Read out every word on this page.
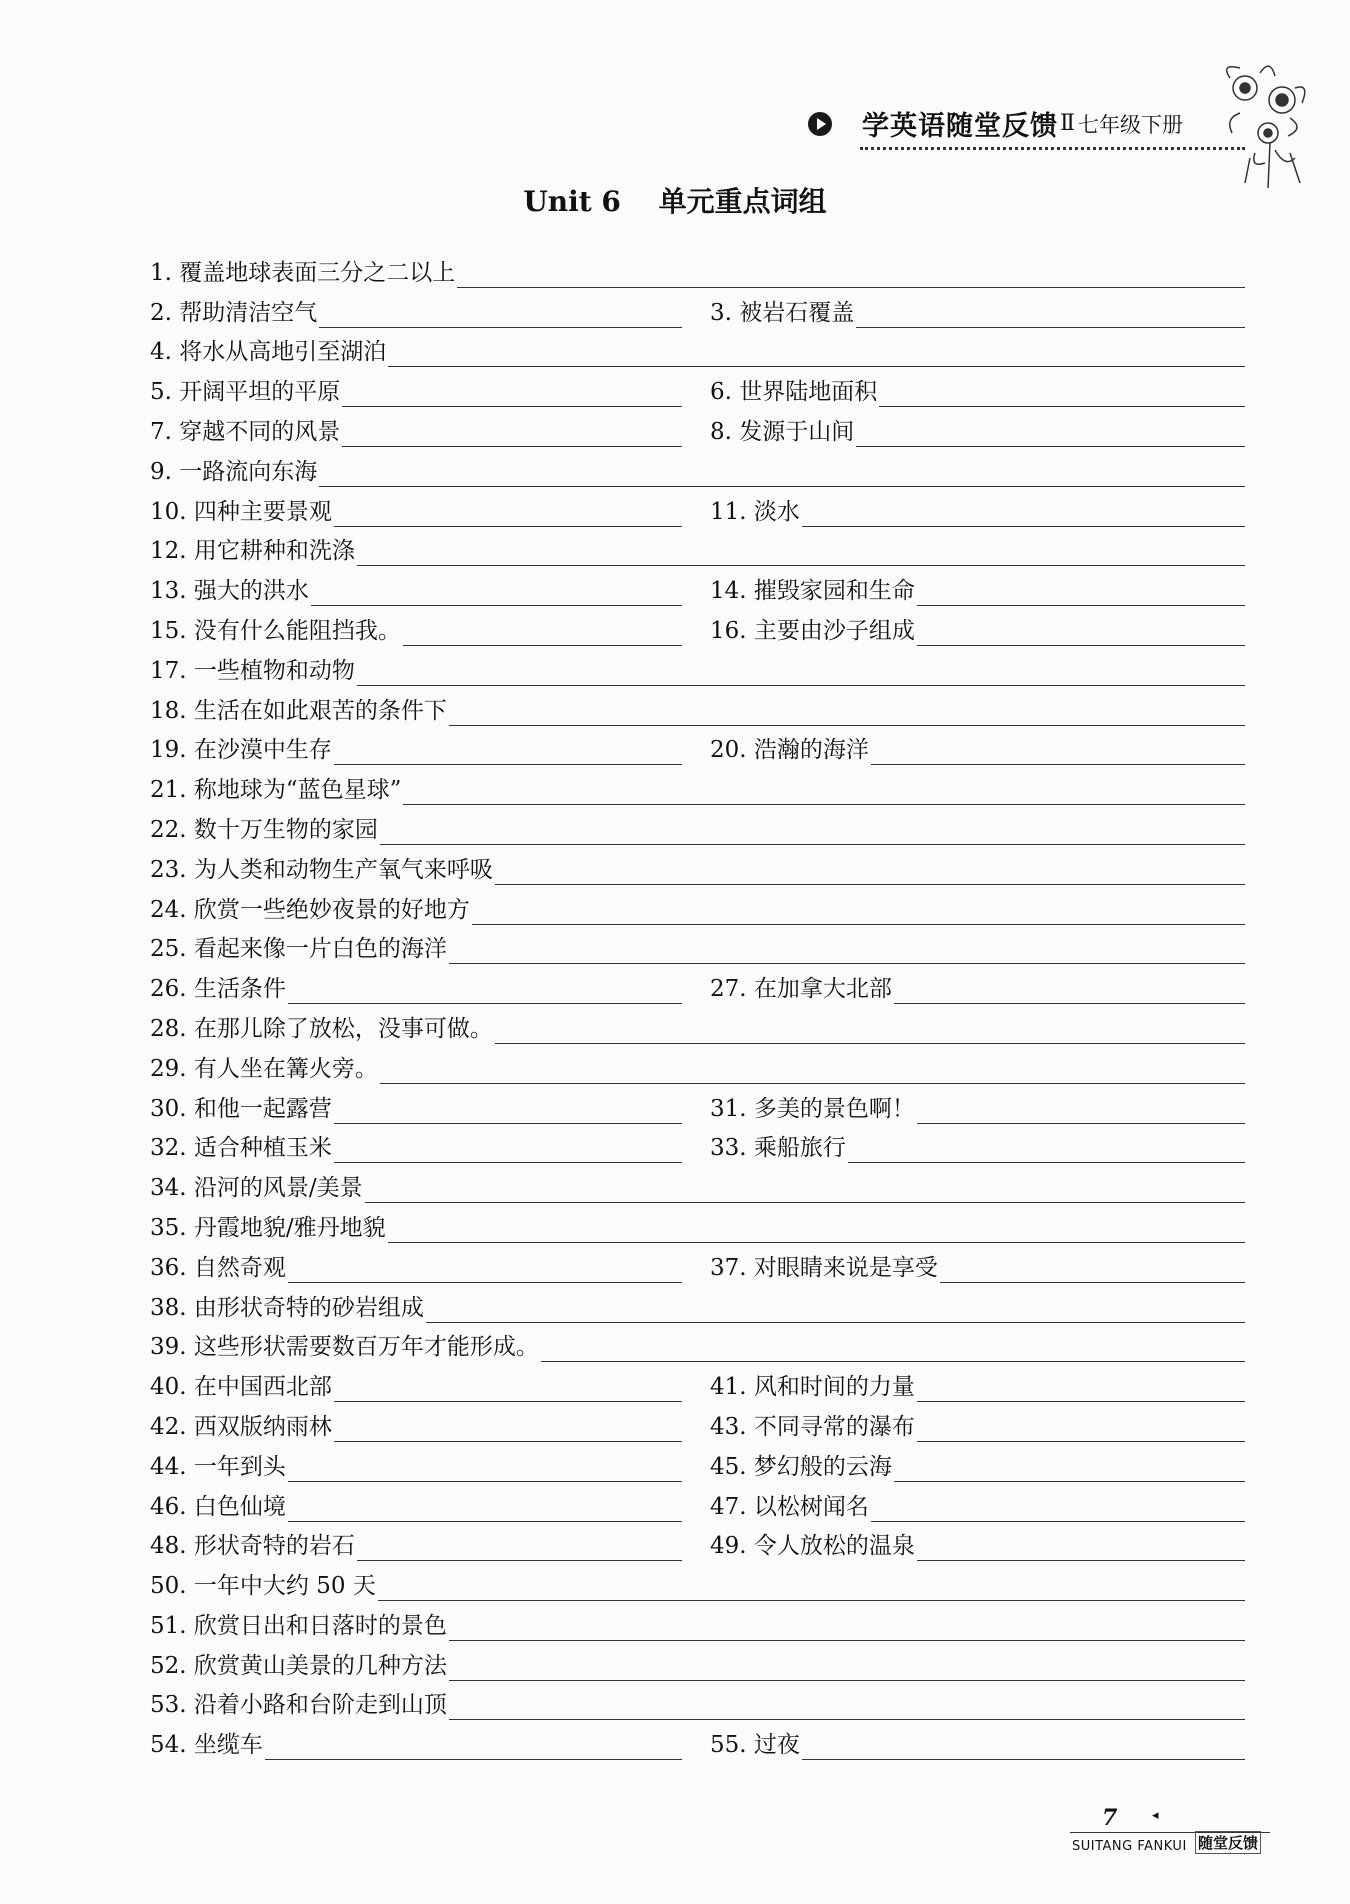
学英语随堂反馈 Ⅱ 七年级下册
Unit 6 单元重点词组
1. 覆盖地球表面三分之二以上
2. 帮助清洁空气	3. 被岩石覆盖
4. 将水从高地引至湖泊
5. 开阔平坦的平原	6. 世界陆地面积
7. 穿越不同的风景	8. 发源于山间
9. 一路流向东海
10. 四种主要景观	11. 淡水
12. 用它耕种和洗涤
13. 强大的洪水	14. 摧毁家园和生命
15. 没有什么能阻挡我。	16. 主要由沙子组成
17. 一些植物和动物
18. 生活在如此艰苦的条件下
19. 在沙漠中生存	20. 浩瀚的海洋
21. 称地球为“蓝色星球”
22. 数十万生物的家园
23. 为人类和动物生产氧气来呼吸
24. 欣赏一些绝妙夜景的好地方
25. 看起来像一片白色的海洋
26. 生活条件	27. 在加拿大北部
28. 在那儿除了放松，没事可做。
29. 有人坐在篝火旁。
30. 和他一起露营	31. 多美的景色啊！
32. 适合种植玉米	33. 乘船旅行
34. 沿河的风景/美景
35. 丹霞地貌/雅丹地貌
36. 自然奇观	37. 对眼睛来说是享受
38. 由形状奇特的砂岩组成
39. 这些形状需要数百万年才能形成。
40. 在中国西北部	41. 风和时间的力量
42. 西双版纳雨林	43. 不同寻常的瀑布
44. 一年到头	45. 梦幻般的云海
46. 白色仙境	47. 以松树闻名
48. 形状奇特的岩石	49. 令人放松的温泉
50. 一年中大约 50 天
51. 欣赏日出和日落时的景色
52. 欣赏黄山美景的几种方法
53. 沿着小路和台阶走到山顶
54. 坐缆车	55. 过夜
7	◂
SUITANG FANKUI 随堂反馈
